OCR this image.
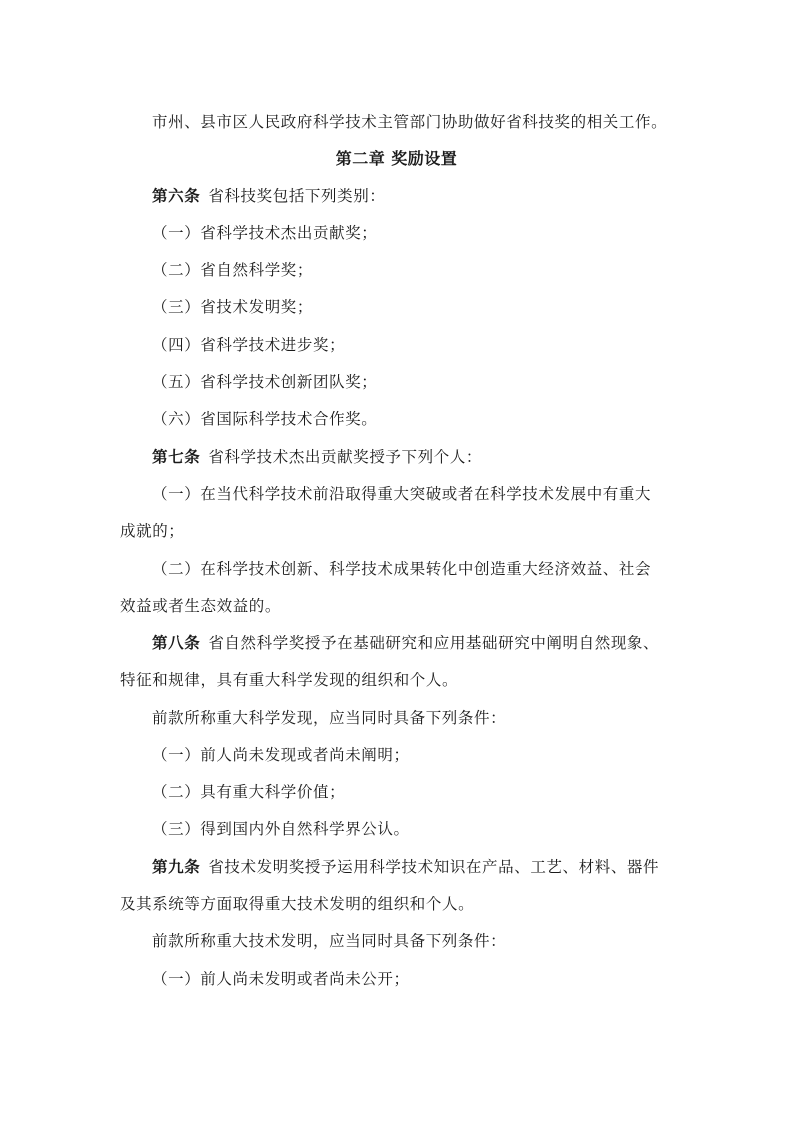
市州、县市区人民政府科学技术主管部门协助做好省科技奖的相关工作。
第二章 奖励设置
第六条 省科技奖包括下列类别：
（一）省科学技术杰出贡献奖；
（二）省自然科学奖；
（三）省技术发明奖；
（四）省科学技术进步奖；
（五）省科学技术创新团队奖；
（六）省国际科学技术合作奖。
第七条 省科学技术杰出贡献奖授予下列个人：
（一）在当代科学技术前沿取得重大突破或者在科学技术发展中有重大
成就的；
（二）在科学技术创新、科学技术成果转化中创造重大经济效益、社会
效益或者生态效益的。
第八条 省自然科学奖授予在基础研究和应用基础研究中阐明自然现象、
特征和规律，具有重大科学发现的组织和个人。
前款所称重大科学发现，应当同时具备下列条件：
（一）前人尚未发现或者尚未阐明；
（二）具有重大科学价值；
（三）得到国内外自然科学界公认。
第九条 省技术发明奖授予运用科学技术知识在产品、工艺、材料、器件
及其系统等方面取得重大技术发明的组织和个人。
前款所称重大技术发明，应当同时具备下列条件：
（一）前人尚未发明或者尚未公开；
